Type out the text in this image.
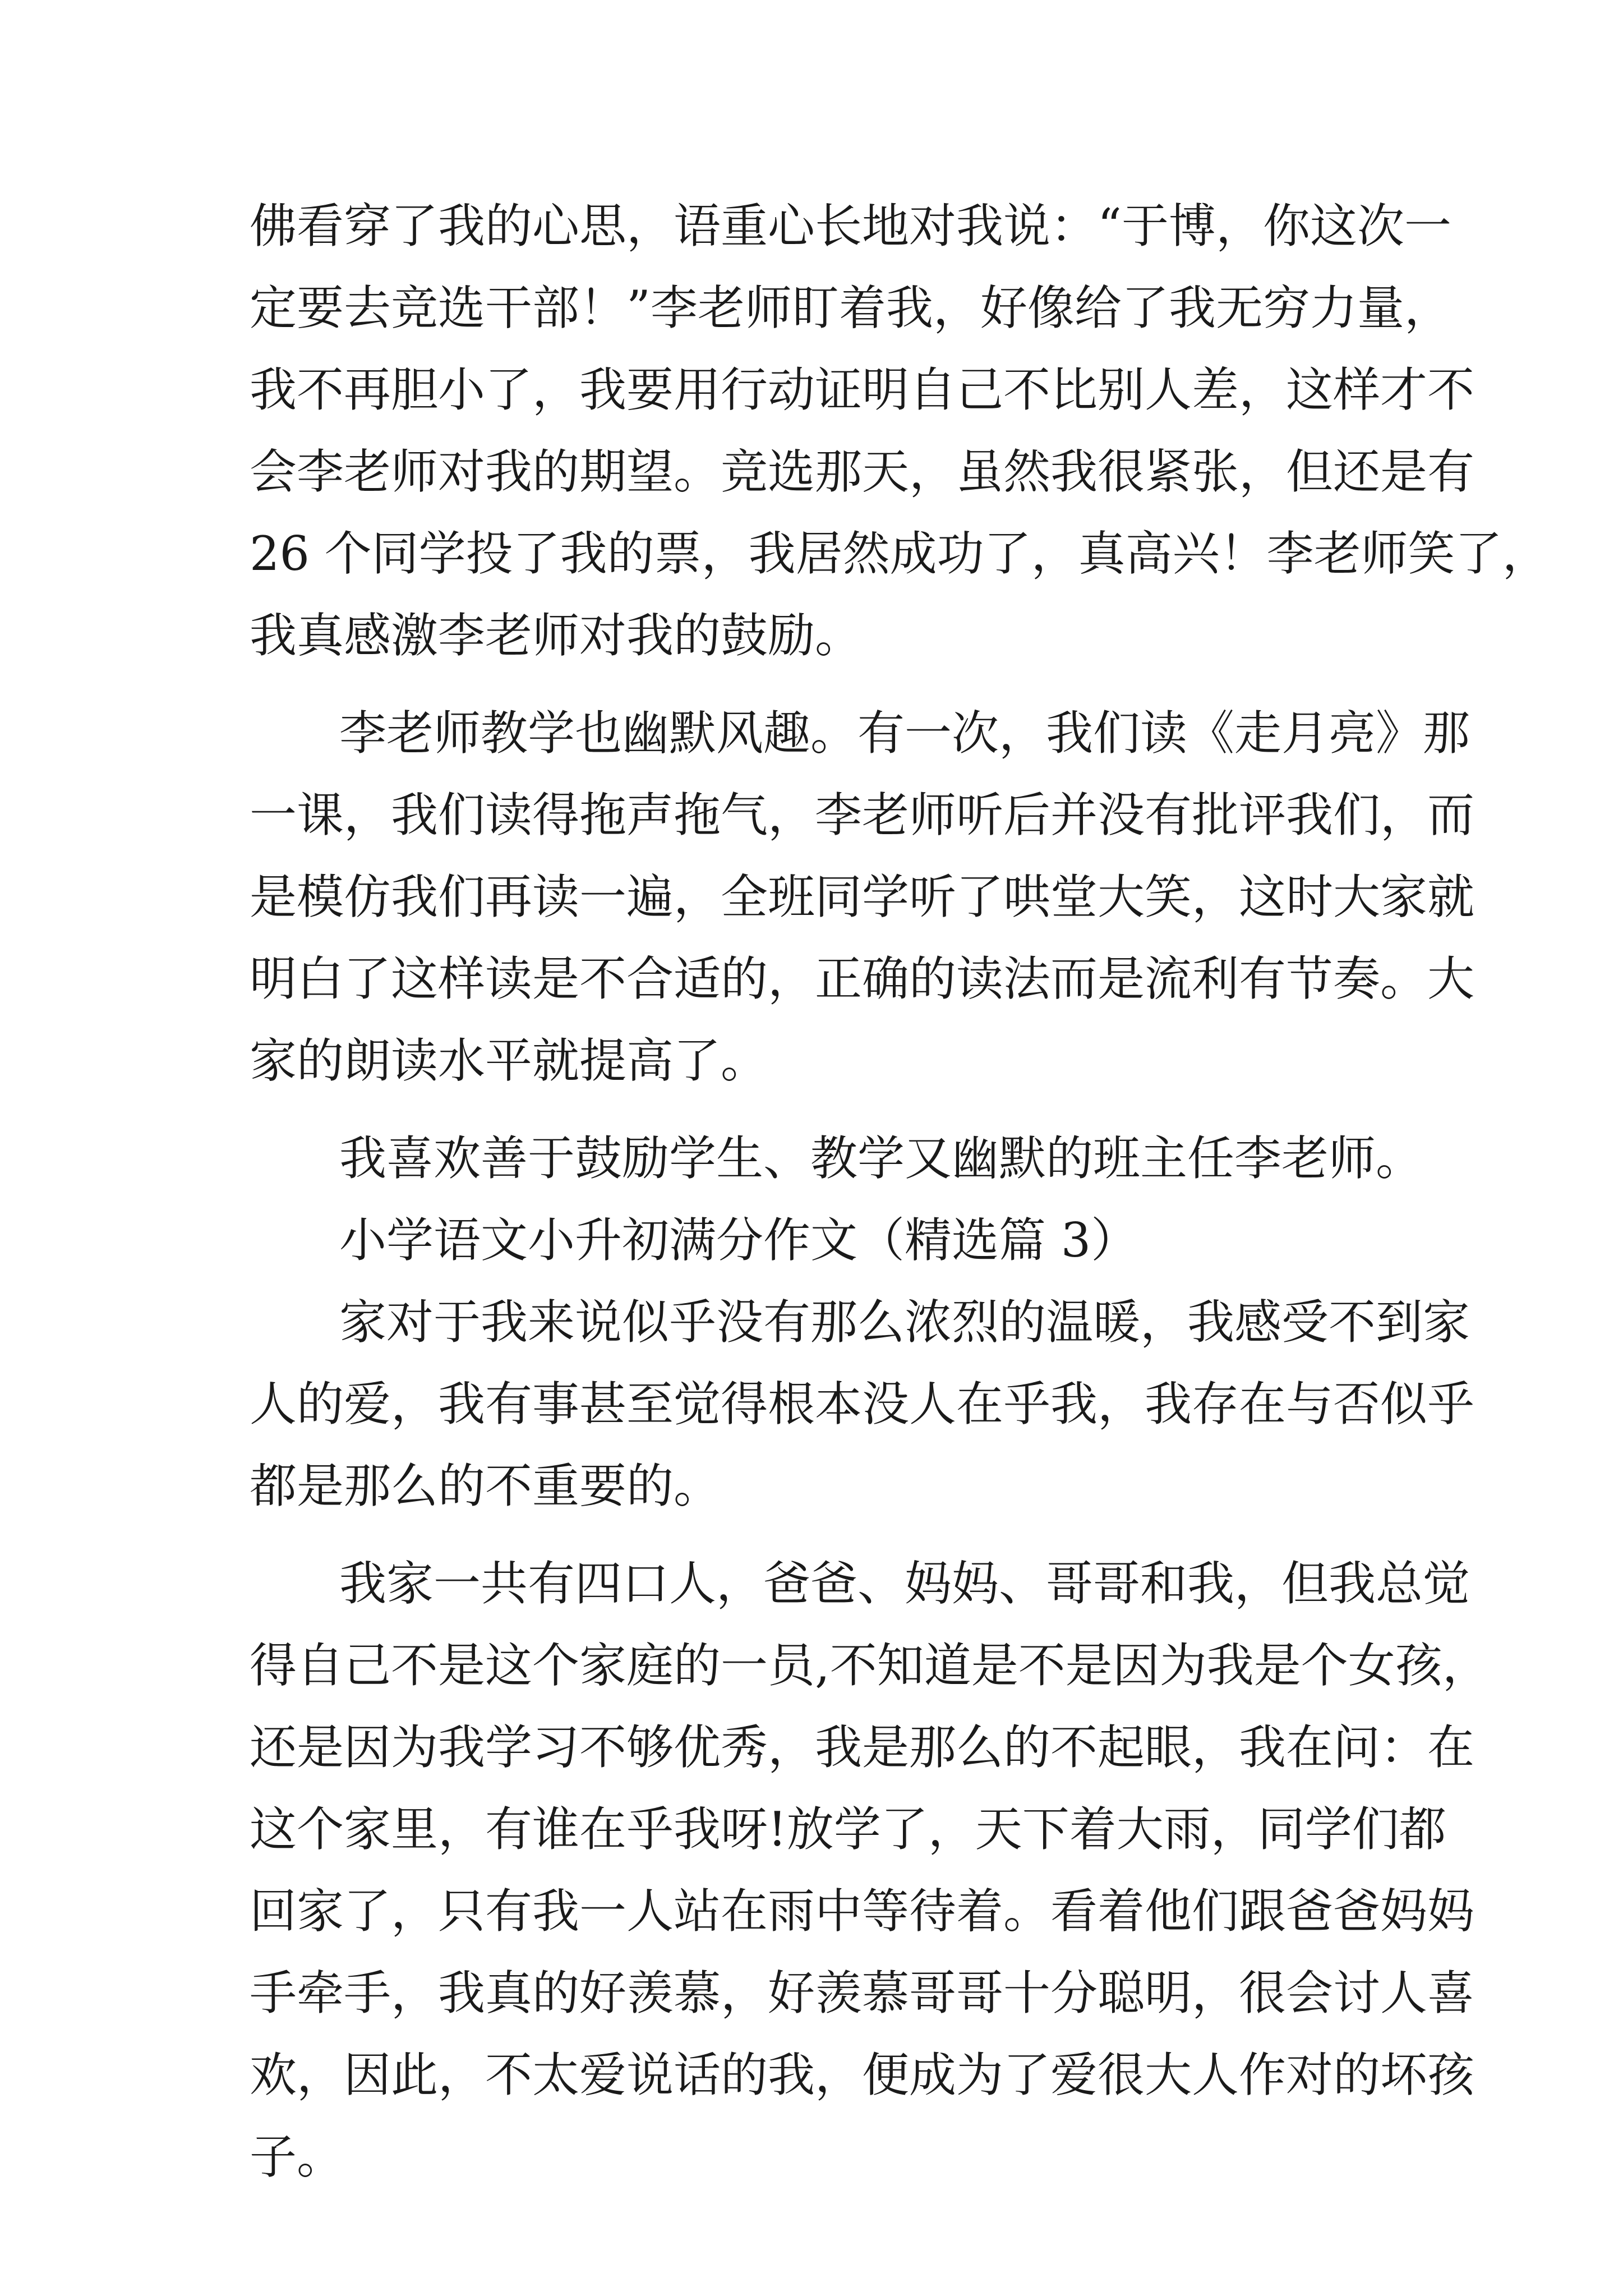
佛看穿了我的心思，语重心长地对我说：“于博，你这次一
定要去竞选干部！”李老师盯着我，好像给了我无穷力量，
我不再胆小了，我要用行动证明自己不比别人差，这样才不
会李老师对我的期望。竞选那天，虽然我很紧张，但还是有
26 个同学投了我的票，我居然成功了，真高兴！李老师笑了，
我真感激李老师对我的鼓励。
李老师教学也幽默风趣。有一次，我们读《走月亮》那
一课，我们读得拖声拖气，李老师听后并没有批评我们，而
是模仿我们再读一遍，全班同学听了哄堂大笑，这时大家就
明白了这样读是不合适的，正确的读法而是流利有节奏。大
家的朗读水平就提高了。
我喜欢善于鼓励学生、教学又幽默的班主任李老师。
小学语文小升初满分作文（精选篇 3）
家对于我来说似乎没有那么浓烈的温暖，我感受不到家
人的爱，我有事甚至觉得根本没人在乎我，我存在与否似乎
都是那么的不重要的。
我家一共有四口人，爸爸、妈妈、哥哥和我，但我总觉
得自己不是这个家庭的一员,不知道是不是因为我是个女孩，
还是因为我学习不够优秀，我是那么的不起眼，我在问：在
这个家里，有谁在乎我呀!放学了，天下着大雨，同学们都
回家了，只有我一人站在雨中等待着。看着他们跟爸爸妈妈
手牵手，我真的好羡慕，好羡慕哥哥十分聪明，很会讨人喜
欢，因此，不太爱说话的我，便成为了爱很大人作对的坏孩
子。
